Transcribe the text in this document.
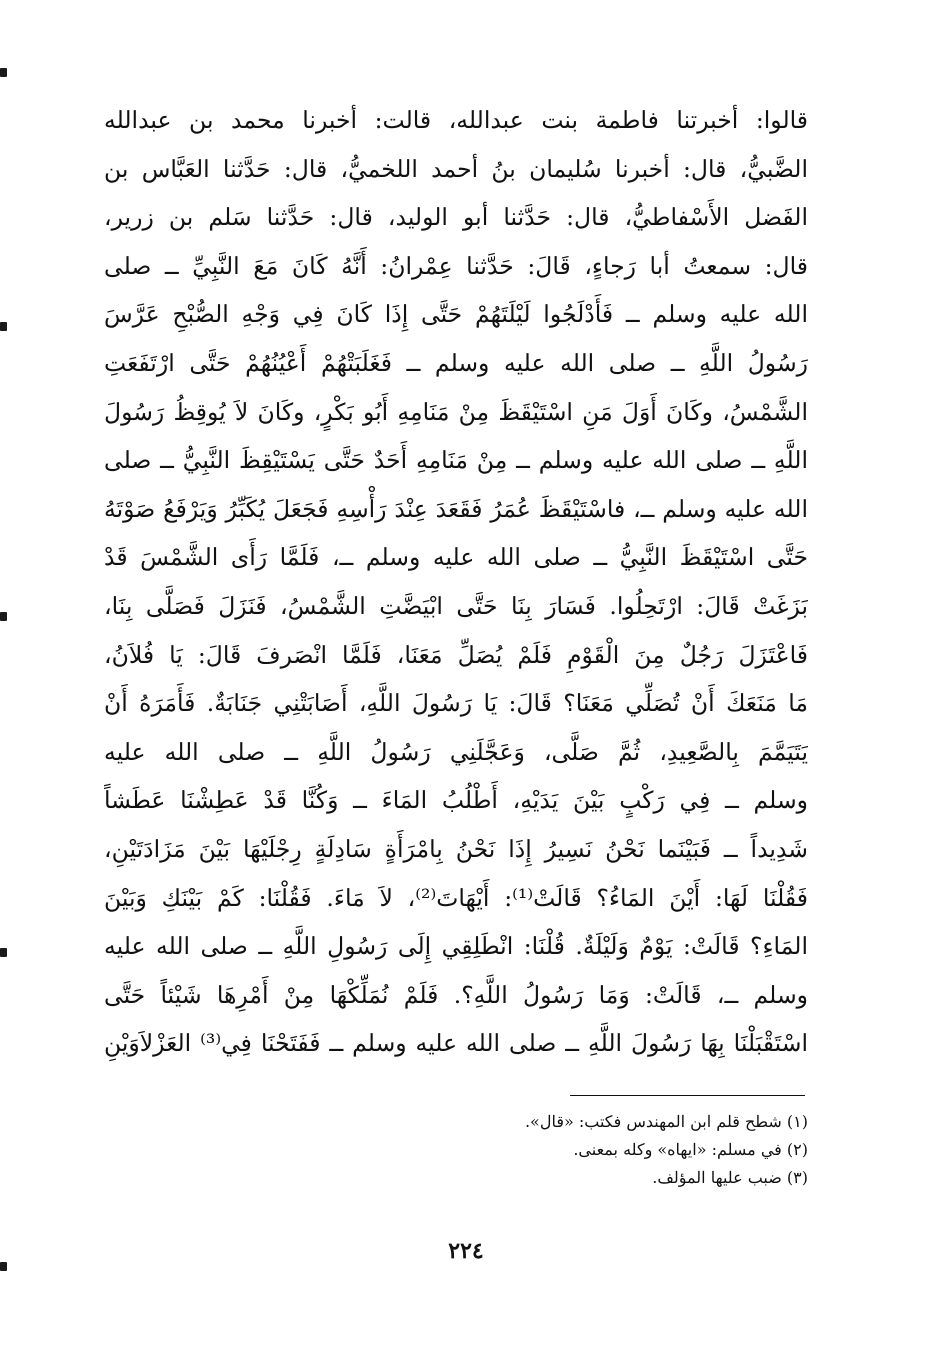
قالوا: أخبرتنا فاطمة بنت عبدالله، قالت: أخبرنا محمد بن عبدالله
الضَّبيُّ، قال: أخبرنا سُليمان بنُ أحمد اللخميُّ، قال: حَدَّثنا العَبَّاس بن
الفَضل الأَسْفاطيُّ، قال: حَدَّثنا أبو الوليد، قال: حَدَّثنا سَلم بن زرير،
قال: سمعتُ أبا رَجاءٍ، قَالَ: حَدَّثنا عِمْرانُ: أَنَّهُ كَانَ مَعَ النَّبِيِّ ــ صلى
الله عليه وسلم ــ فَأَدْلَجُوا لَيْلَتَهُمْ حَتَّى إِذَا كَانَ فِي وَجْهِ الصُّبْحِ عَرَّسَ
رَسُولُ اللَّهِ ــ صلى الله عليه وسلم ــ فَغَلَبَتْهُمْ أَعْيُنُهُمْ حَتَّى ارْتَفَعَتِ
الشَّمْسُ، وكَانَ أَوَلَ مَنِ اسْتَيْقَظَ مِنْ مَنَامِهِ أَبُو بَكْرٍ، وكَانَ لاَ يُوقِظُ رَسُولَ
اللَّهِ ــ صلى الله عليه وسلم ــ مِنْ مَنَامِهِ أَحَدٌ حَتَّى يَسْتَيْقِظَ النَّبِيُّ ــ صلى
الله عليه وسلم ــ، فاسْتَيْقَظَ عُمَرُ فَقَعَدَ عِنْدَ رَأْسِهِ فَجَعَلَ يُكَبِّرُ وَيَرْفَعُ صَوْتَهُ
حَتَّى اسْتَيْقَظَ النَّبِيُّ ــ صلى الله عليه وسلم ــ، فَلَمَّا رَأَى الشَّمْسَ قَدْ
بَزَغَتْ قَالَ: ارْتَحِلُوا. فَسَارَ بِنَا حَتَّى ابْيَضَّتِ الشَّمْسُ، فَنَزَلَ فَصَلَّى بِنَا،
فَاعْتَزَلَ رَجُلٌ مِنَ الْقَوْمِ فَلَمْ يُصَلِّ مَعَنَا، فَلَمَّا انْصَرفَ قَالَ: يَا فُلاَنُ،
مَا مَنَعَكَ أَنْ تُصَلِّي مَعَنَا؟ قَالَ: يَا رَسُولَ اللَّهِ، أَصَابَتْنِي جَنَابَةٌ. فَأَمَرَهُ أَنْ
يَتَيَمَّمَ بِالصَّعِيدِ، ثُمَّ صَلَّى، وَعَجَّلَنِي رَسُولُ اللَّهِ ــ صلى الله عليه
وسلم ــ فِي رَكْبٍ بَيْنَ يَدَيْهِ، أَطْلُبُ المَاءَ ــ وَكُنَّا قَدْ عَطِشْنَا عَطَشاً
شَدِيداً ــ فَبَيْنَما نَحْنُ نَسِيرُ إِذَا نَحْنُ بِامْرَأَةٍ سَادِلَةٍ رِجْلَيْهَا بَيْنَ مَزَادَتَيْنِ،
فَقُلْنَا لَهَا: أَيْنَ المَاءُ؟ قَالَتْ⁽¹⁾: أَيْهَاتَ⁽²⁾، لاَ مَاءَ. فَقُلْنَا: كَمْ بَيْنَكِ وَبَيْنَ
المَاءِ؟ قَالَتْ: يَوْمٌ وَلَيْلَةٌ. قُلْنَا: انْطَلِقِي إِلَى رَسُولِ اللَّهِ ــ صلى الله عليه
وسلم ــ، قَالَتْ: وَمَا رَسُولُ اللَّهِ؟. فَلَمْ نُمَلِّكْهَا مِنْ أَمْرِهَا شَيْئاً حَتَّى
اسْتَقْبَلْنَا بِهَا رَسُولَ اللَّهِ ــ صلى الله عليه وسلم ــ فَفَتَحْنَا فِي⁽³⁾ العَزْلاَوَيْنِ
(١) شطح قلم ابن المهندس فكتب: «قال».
(٢) في مسلم: «ايهاه» وكله بمعنى.
(٣) ضبب عليها المؤلف.
٢٢٤
